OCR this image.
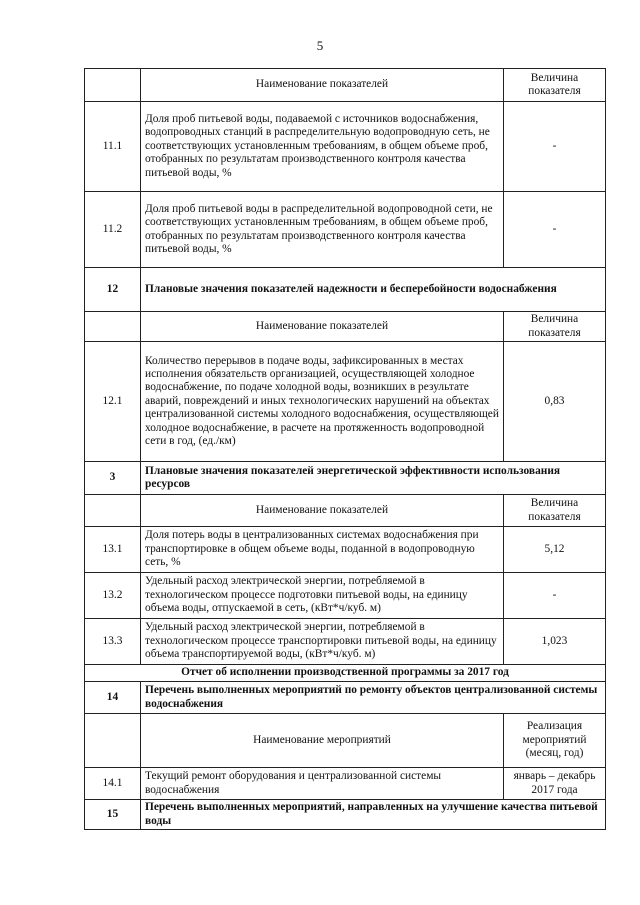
5
	Наименование показателей	Величина показателя
11.1	Доля проб питьевой воды, подаваемой с источников водоснабжения, водопроводных станций в распределительную водопроводную сеть, не соответствующих установленным требованиям, в общем объеме проб, отобранных по результатам производственного контроля качества питьевой воды, %	-
11.2	Доля проб питьевой воды в распределительной водопроводной сети, не соответствующих установленным требованиям, в общем объеме проб, отобранных по результатам производственного контроля качества питьевой воды, %	-
12	Плановые значения показателей надежности и бесперебойности водоснабжения	
	Наименование показателей	Величина показателя
12.1	Количество перерывов в подаче воды, зафиксированных в местах исполнения обязательств организацией, осуществляющей холодное водоснабжение, по подаче холодной воды, возникших в результате аварий, повреждений и иных технологических нарушений на объектах централизованной системы холодного водоснабжения, осуществляющей холодное водоснабжение, в расчете на протяженность водопроводной сети в год, (ед./км)	0,83
3	Плановые значения показателей энергетической эффективности использования ресурсов	
	Наименование показателей	Величина показателя
13.1	Доля потерь воды в централизованных системах водоснабжения при транспортировке в общем объеме воды, поданной в водопроводную сеть, %	5,12
13.2	Удельный расход электрической энергии, потребляемой в технологическом процессе подготовки питьевой воды, на единицу объема воды, отпускаемой в сеть, (кВт*ч/куб. м)	-
13.3	Удельный расход электрической энергии, потребляемой в технологическом процессе транспортировки питьевой воды, на единицу объема транспортируемой воды, (кВт*ч/куб. м)	1,023
Отчет об исполнении производственной программы за 2017 год		
14	Перечень выполненных мероприятий по ремонту объектов централизованной системы водоснабжения	
	Наименование мероприятий	Реализация мероприятий (месяц, год)
14.1	Текущий ремонт оборудования и централизованной системы водоснабжения	январь – декабрь 2017 года
15	Перечень выполненных мероприятий, направленных на улучшение качества питьевой воды	
